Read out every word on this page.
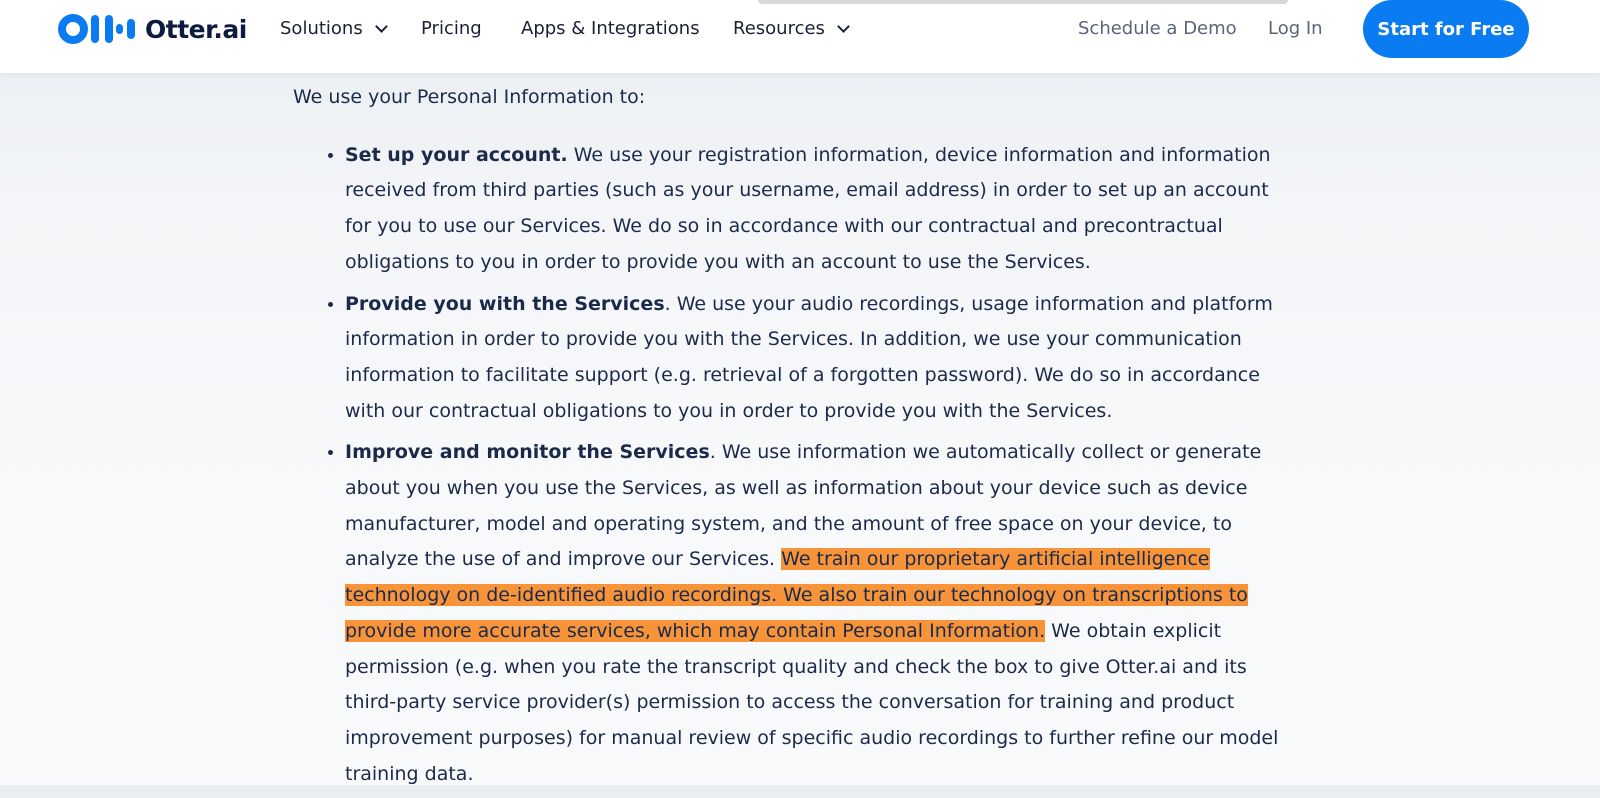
Otter.ai Solutions	Pricing Apps & Integrations Resources	Schedule a Demo Log In	Start for Free

We use your Personal Information to:

• Set up your account. We use your registration information, device information and information received from third parties (such as your username, email address) in order to set up an account for you to use our Services. We do so in accordance with our contractual and precontractual obligations to you in order to provide you with an account to use the Services.
• Provide you with the Services. We use your audio recordings, usage information and platform information in order to provide you with the Services. In addition, we use your communication information to facilitate support (e.g. retrieval of a forgotten password). We do so in accordance with our contractual obligations to you in order to provide you with the Services.
• Improve and monitor the Services. We use information we automatically collect or generate about you when you use the Services, as well as information about your device such as device manufacturer, model and operating system, and the amount of free space on your device, to analyze the use of and improve our Services. We train our proprietary artificial intelligence technology on de-identified audio recordings. We also train our technology on transcriptions to provide more accurate services, which may contain Personal Information. We obtain explicit permission (e.g. when you rate the transcript quality and check the box to give Otter.ai and its third-party service provider(s) permission to access the conversation for training and product improvement purposes) for manual review of specific audio recordings to further refine our model training data.
